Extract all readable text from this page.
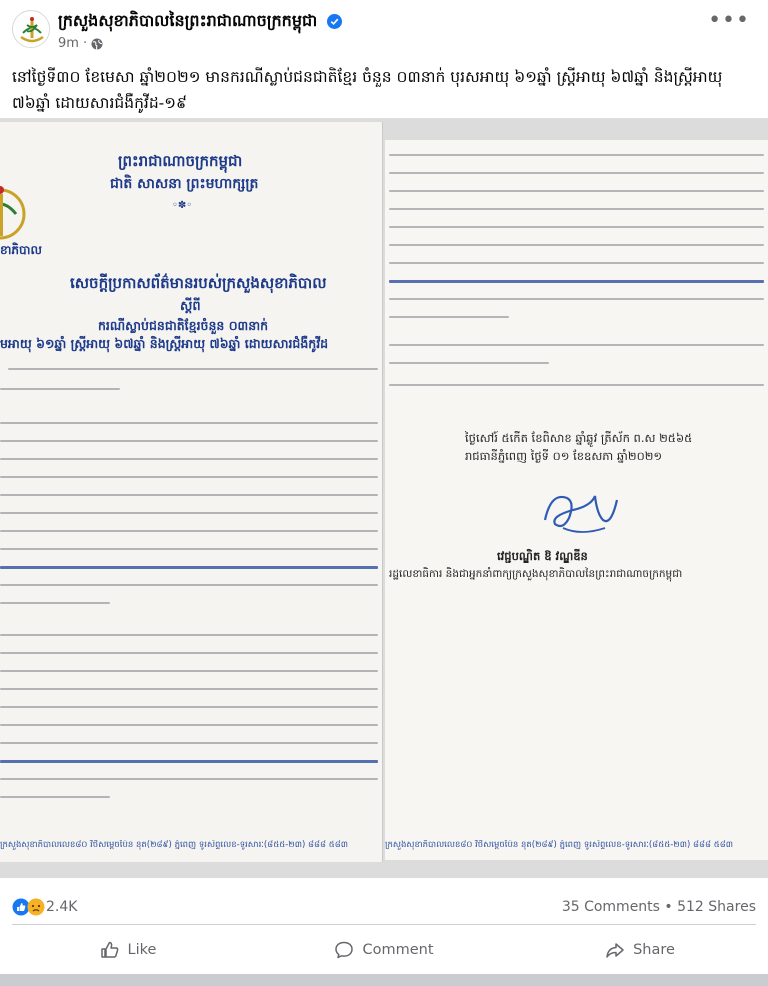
ក្រសួងសុខាភិបាលនៃព្រះរាជាណាចក្រកម្ពុជា
9m ·
•••
នៅថ្ងៃទី៣០ ខែមេសា ឆ្នាំ២០២១ មានករណីស្លាប់ជនជាតិខ្មែរ ចំនួន ០៣នាក់ បុរសអាយុ ៦១ឆ្នាំ ស្រ្តីអាយុ ៦៧ឆ្នាំ និងស្រ្តីអាយុ ៧៦ឆ្នាំ ដោយសារជំងឺកូវីដ-១៩
ព្រះរាជាណាចក្រកម្ពុជា
ជាតិ សាសនា ព្រះមហាក្សត្រ
◦✽◦
ខាភិបាល
សេចក្តីប្រកាសព័ត៌មានរបស់ក្រសួងសុខាភិបាល
ស្តីពី
ករណីស្លាប់ជនជាតិខ្មែរចំនួន ០៣នាក់
មអាយុ ៦១ឆ្នាំ ស្រ្តីអាយុ ៦៧ឆ្នាំ និងស្រ្តីអាយុ ៧៦ឆ្នាំ ដោយសារជំងឺកូវីដ
ក្រសួងសុខាភិបាលលេខ៨០ វិថីសម្តេចប៉ែន នុត(២៨៩) ភ្នំពេញ ទូរស័ព្ទលេខ-ទូរសារៈ(៨៥៥-២៣) ៨៨៨ ៥៨៣
ថ្ងៃសៅរ៍ ៥កើត ខែពិសាខ ឆ្នាំឆ្លូវ ត្រីស័ក ព.ស ២៥៦៥
រាជធានីភ្នំពេញ ថ្ងៃទី ០១ ខែឧសភា ឆ្នាំ២០២១
វេជ្ជបណ្ឌិត ឱ វណ្ឌឌីន
រដ្ឋលេខាធិការ និងជាអ្នកនាំពាក្យក្រសួងសុខាភិបាលនៃព្រះរាជាណាចក្រកម្ពុជា
ក្រសួងសុខាភិបាលលេខ៨០ វិថីសម្តេចប៉ែន នុត(២៨៩) ភ្នំពេញ ទូរស័ព្ទលេខ-ទូរសារៈ(៨៥៥-២៣) ៨៨៨ ៥៨៣
2.4K	35 Comments • 512 Shares
Like	Comment	Share
